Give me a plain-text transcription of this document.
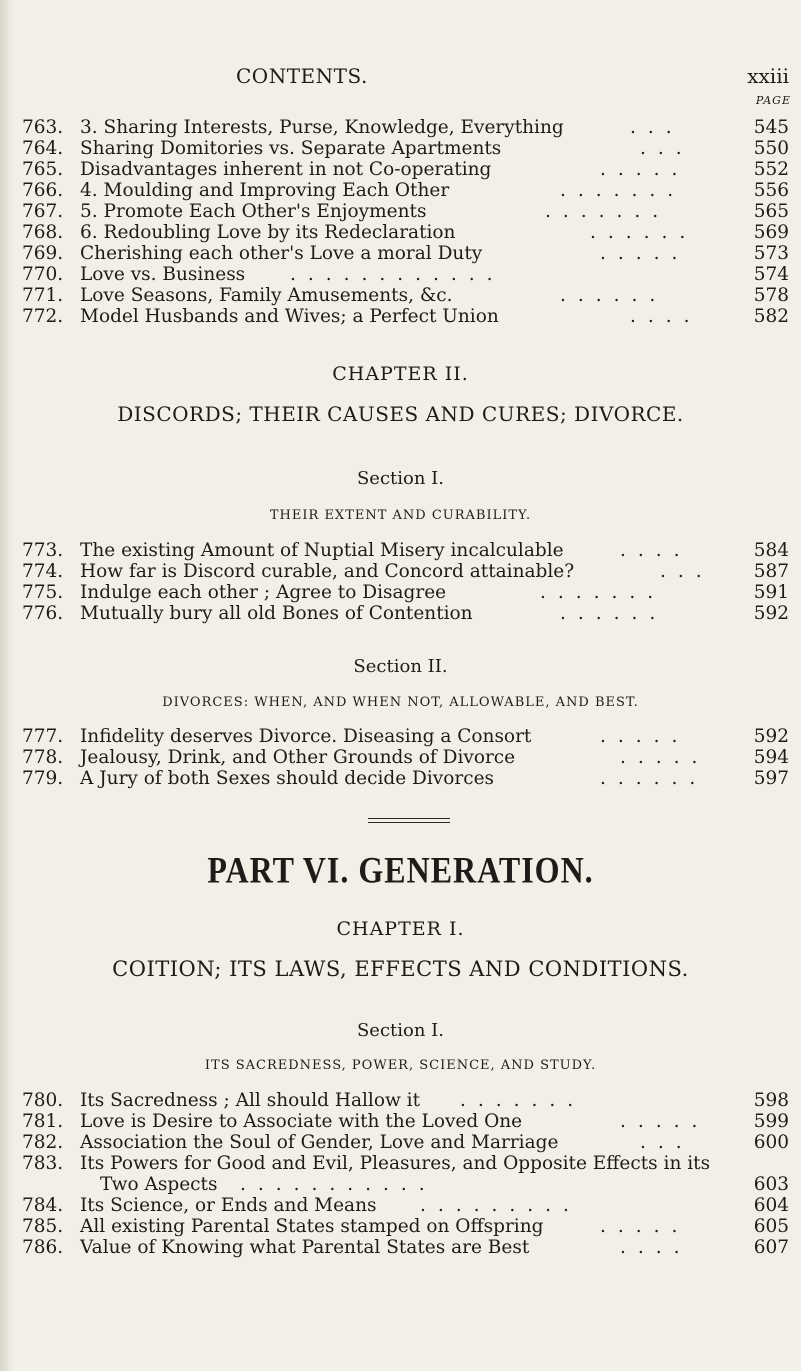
CONTENTS.	xxiii
PAGE
763. 3. Sharing Interests, Purse, Knowledge, Everything	...	545
764. Sharing Domitories vs. Separate Apartments	...	550
765. Disadvantages inherent in not Co-operating	.....	552
766. 4. Moulding and Improving Each Other	.......	556
767. 5. Promote Each Other's Enjoyments	.......	565
768. 6. Redoubling Love by its Redeclaration	......	569
769. Cherishing each other's Love a moral Duty	.....	573
770. Love vs. Business ............	574
771. Love Seasons, Family Amusements, &c.	......	578
772. Model Husbands and Wives; a Perfect Union	....	582
CHAPTER II.
DISCORDS; THEIR CAUSES AND CURES; DIVORCE.
Section I.
THEIR EXTENT AND CURABILITY.
773. The existing Amount of Nuptial Misery incalculable	....	584
774. How far is Discord curable, and Concord attainable?	... 587
775. Indulge each other ; Agree to Disagree	.......	591
776. Mutually bury all old Bones of Contention	......	592
Section II.
DIVORCES: WHEN, AND WHEN NOT, ALLOWABLE, AND BEST.
777. Infidelity deserves Divorce. Diseasing a Consort	.....	592
778. Jealousy, Drink, and Other Grounds of Divorce	..... 594
779. A Jury of both Sexes should decide Divorces	......	597
PART VI. GENERATION.
CHAPTER I.
COITION; ITS LAWS, EFFECTS AND CONDITIONS.
Section I.
ITS SACREDNESS, POWER, SCIENCE, AND STUDY.
780. Its Sacredness ; All should Hallow it .......	598
781. Love is Desire to Associate with the Loved One	..... 599
782. Association the Soul of Gender, Love and Marriage	...	600
783. Its Powers for Good and Evil, Pleasures, and Opposite Effects in its
Two Aspects ...........	603
784. Its Science, or Ends and Means .........	604
785. All existing Parental States stamped on Offspring	.....	605
786. Value of Knowing what Parental States are Best	....	607
